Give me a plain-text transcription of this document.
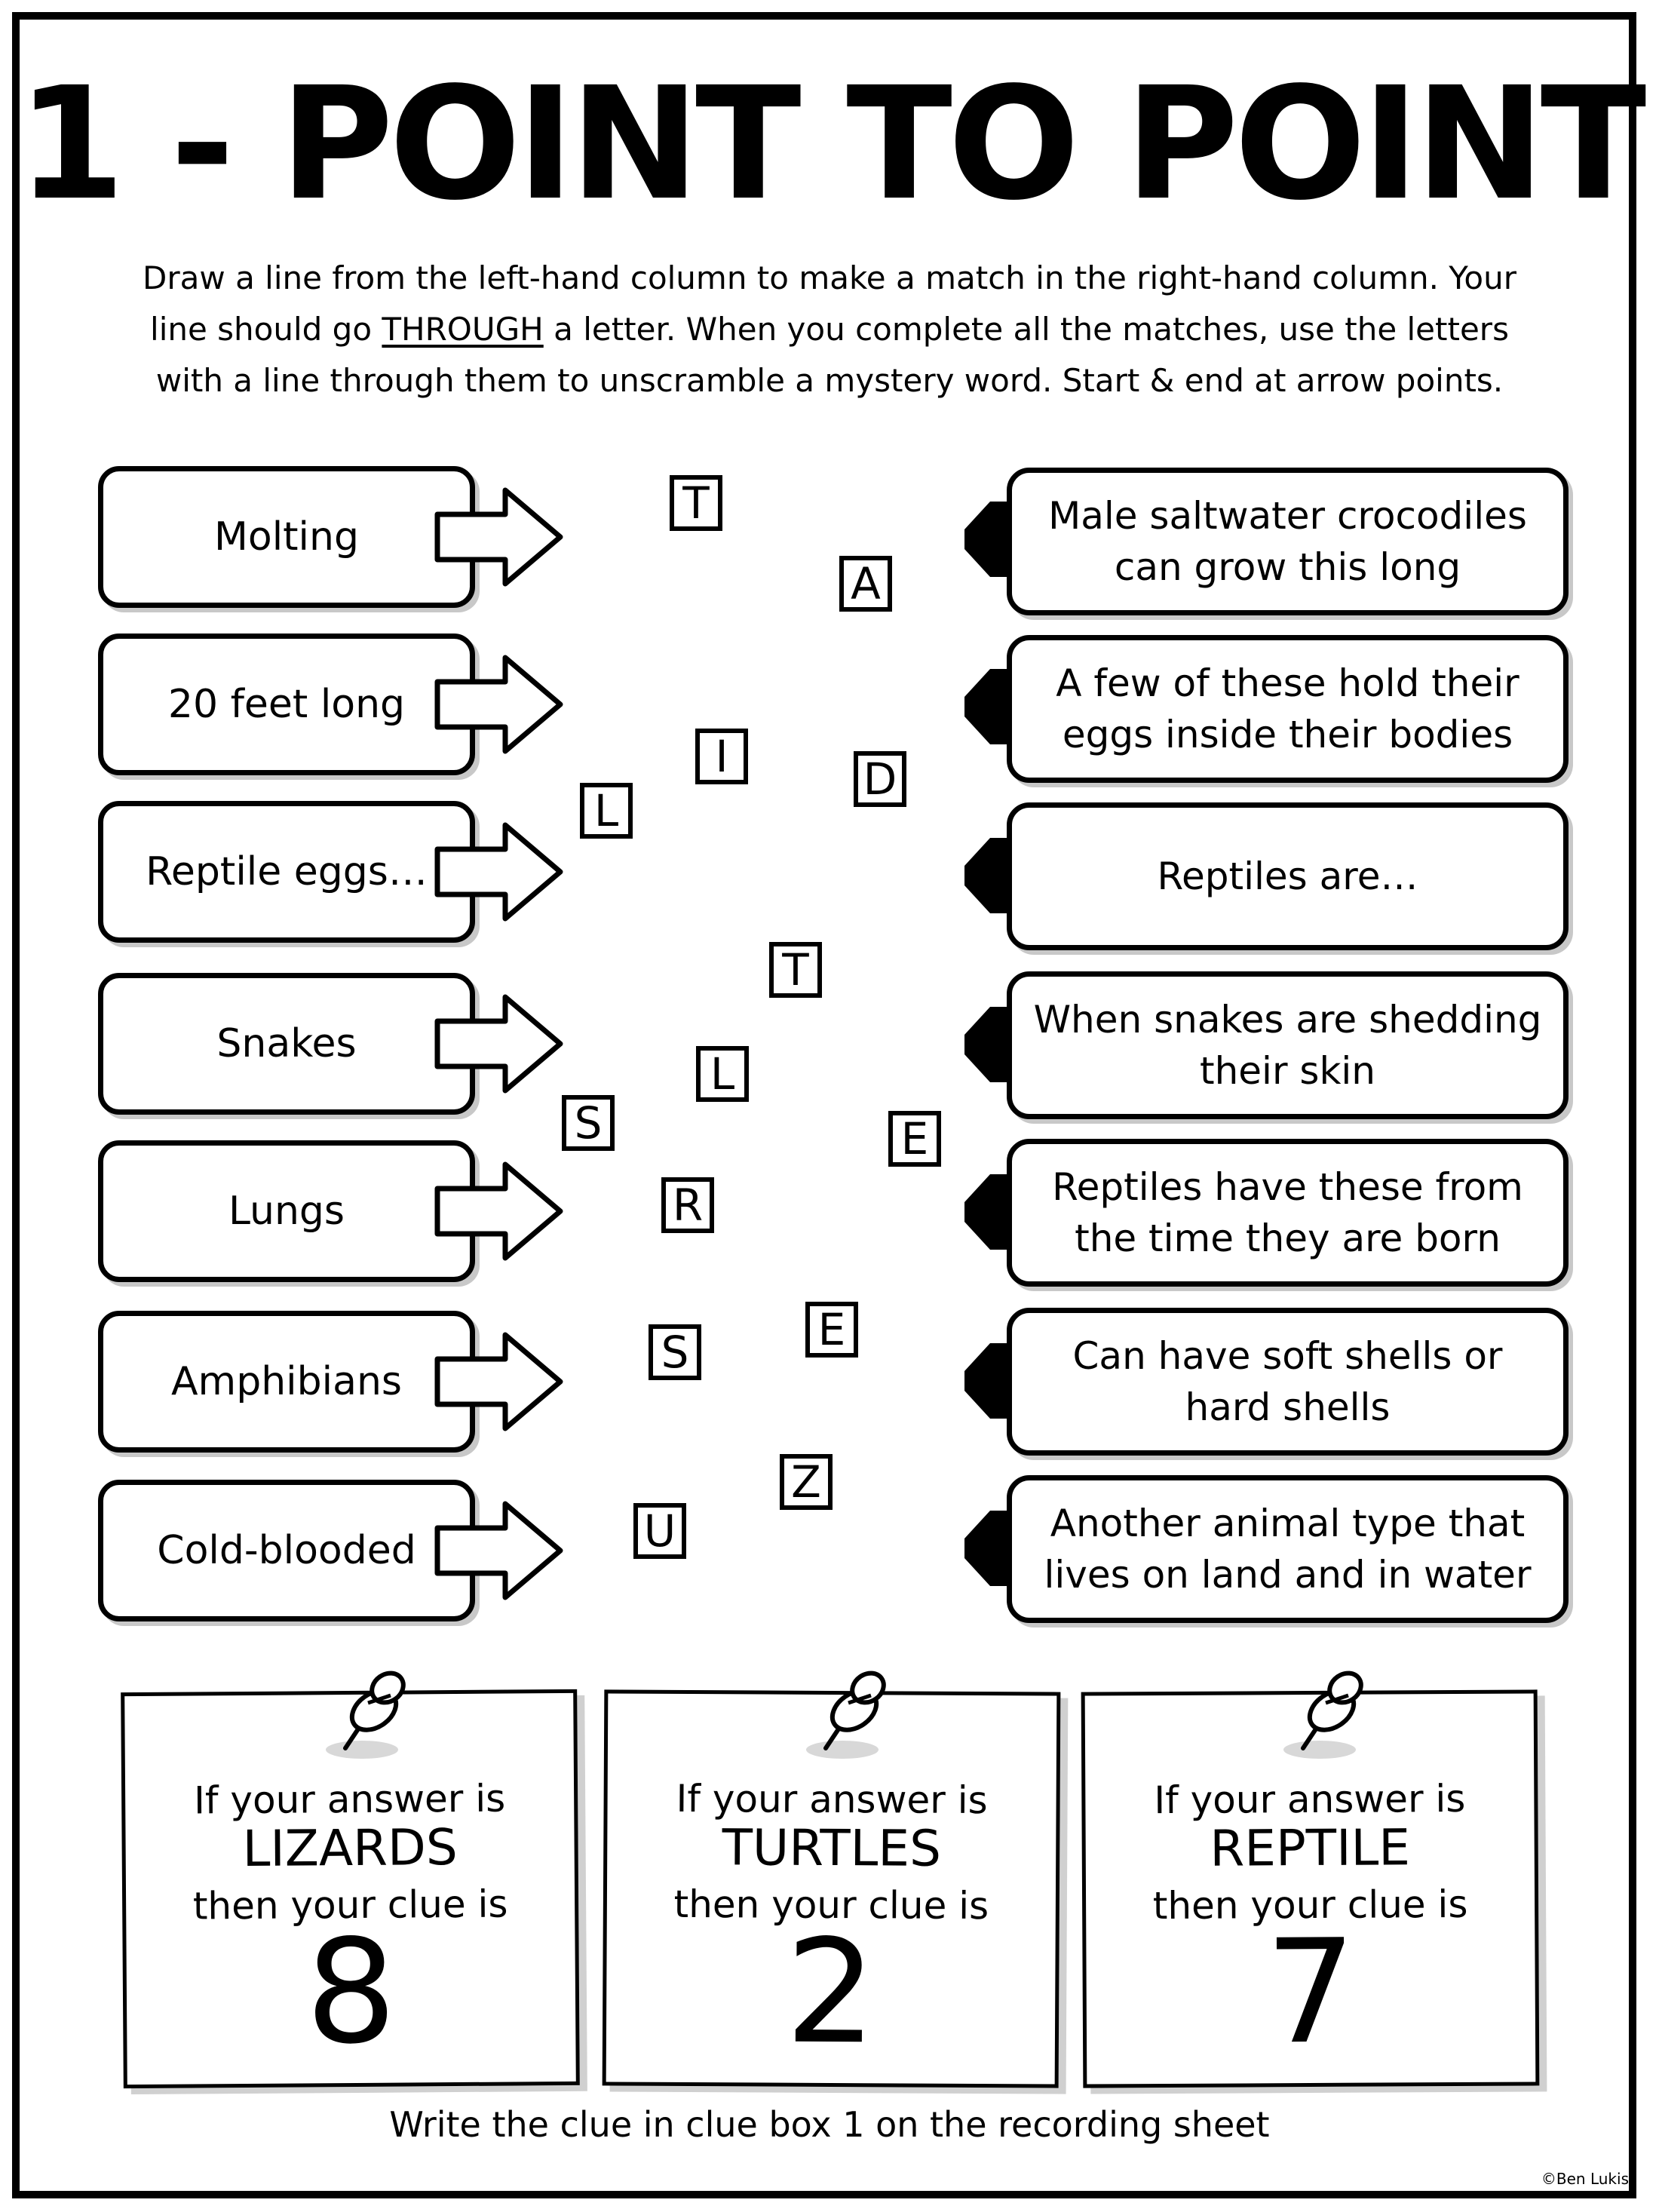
1 - POINT TO POINT
Draw a line from the left-hand column to make a match in the right-hand column. Your
line should go THROUGH a letter. When you complete all the matches, use the letters
with a line through them to unscramble a mystery word. Start & end at arrow points.
Molting
20 feet long
Reptile eggs…
Snakes
Lungs
Amphibians
Cold-blooded
Male saltwater crocodiles can grow this long
A few of these hold their eggs inside their bodies
Reptiles are…
When snakes are shedding their skin
Reptiles have these from the time they are born
Can have soft shells or hard shells
Another animal type that lives on land and in water
T
A
I	D
L
T
L
S	E
R
E
S
Z
U
If your answer is
LIZARDS
then your clue is
8
If your answer is
TURTLES
then your clue is
2
If your answer is
REPTILE
then your clue is
7
Write the clue in clue box 1 on the recording sheet
©Ben Lukis
